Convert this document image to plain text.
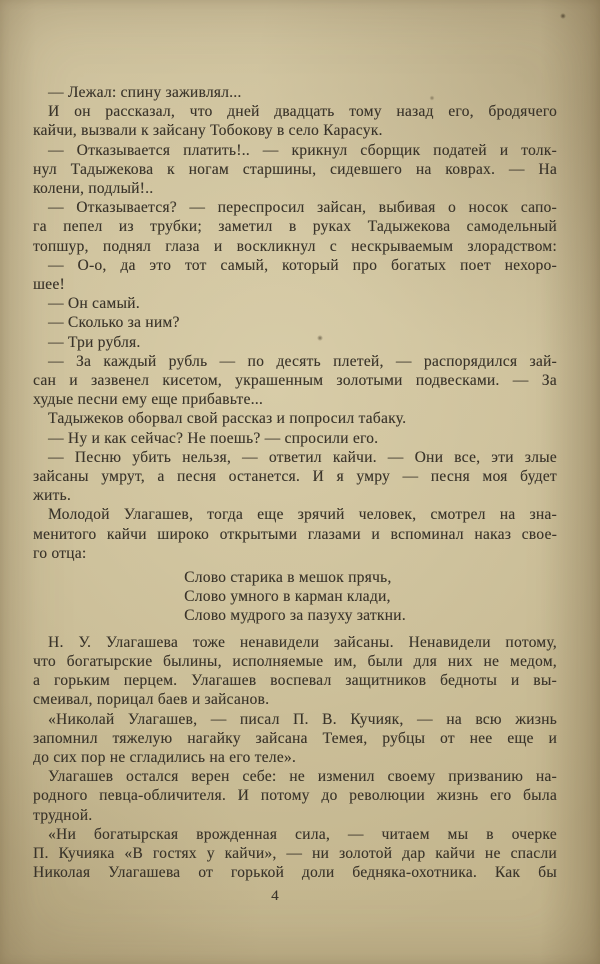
— Лежал: спину заживлял...
И он рассказал, что дней двадцать тому назад его, бродячего
кайчи, вызвали к зайсану Тобокову в село Карасук.
— Отказывается платить!.. — крикнул сборщик податей и толк-
нул Тадыжекова к ногам старшины, сидевшего на коврах. — На
колени, подлый!..
— Отказывается? — переспросил зайсан, выбивая о носок сапо-
га пепел из трубки; заметил в руках Тадыжекова самодельный
топшур, поднял глаза и воскликнул с нескрываемым злорадством:
— О-о, да это тот самый, который про богатых поет нехоро-
шее!
— Он самый.
— Сколько за ним?
— Три рубля.
— За каждый рубль — по десять плетей, — распорядился зай-
сан и зазвенел кисетом, украшенным золотыми подвесками. — За
худые песни ему еще прибавьте...
Тадыжеков оборвал свой рассказ и попросил табаку.
— Ну и как сейчас? Не поешь? — спросили его.
— Песню убить нельзя, — ответил кайчи. — Они все, эти злые
зайсаны умрут, а песня останется. И я умру — песня моя будет
жить.
Молодой Улагашев, тогда еще зрячий человек, смотрел на зна-
менитого кайчи широко открытыми глазами и вспоминал наказ свое-
го отца:
Слово старика в мешок прячь,
Слово умного в карман клади,
Слово мудрого за пазуху заткни.
Н. У. Улагашева тоже ненавидели зайсаны. Ненавидели потому,
что богатырские былины, исполняемые им, были для них не медом,
а горьким перцем. Улагашев воспевал защитников бедноты и вы-
смеивал, порицал баев и зайсанов.
«Николай Улагашев, — писал П. В. Кучияк, — на всю жизнь
запомнил тяжелую нагайку зайсана Темея, рубцы от нее еще и
до сих пор не сгладились на его теле».
Улагашев остался верен себе: не изменил своему призванию на-
родного певца-обличителя. И потому до революции жизнь его была
трудной.
«Ни богатырская врожденная сила, — читаем мы в очерке
П. Кучияка «В гостях у кайчи», — ни золотой дар кайчи не спасли
Николая Улагашева от горькой доли бедняка-охотника. Как бы
4
